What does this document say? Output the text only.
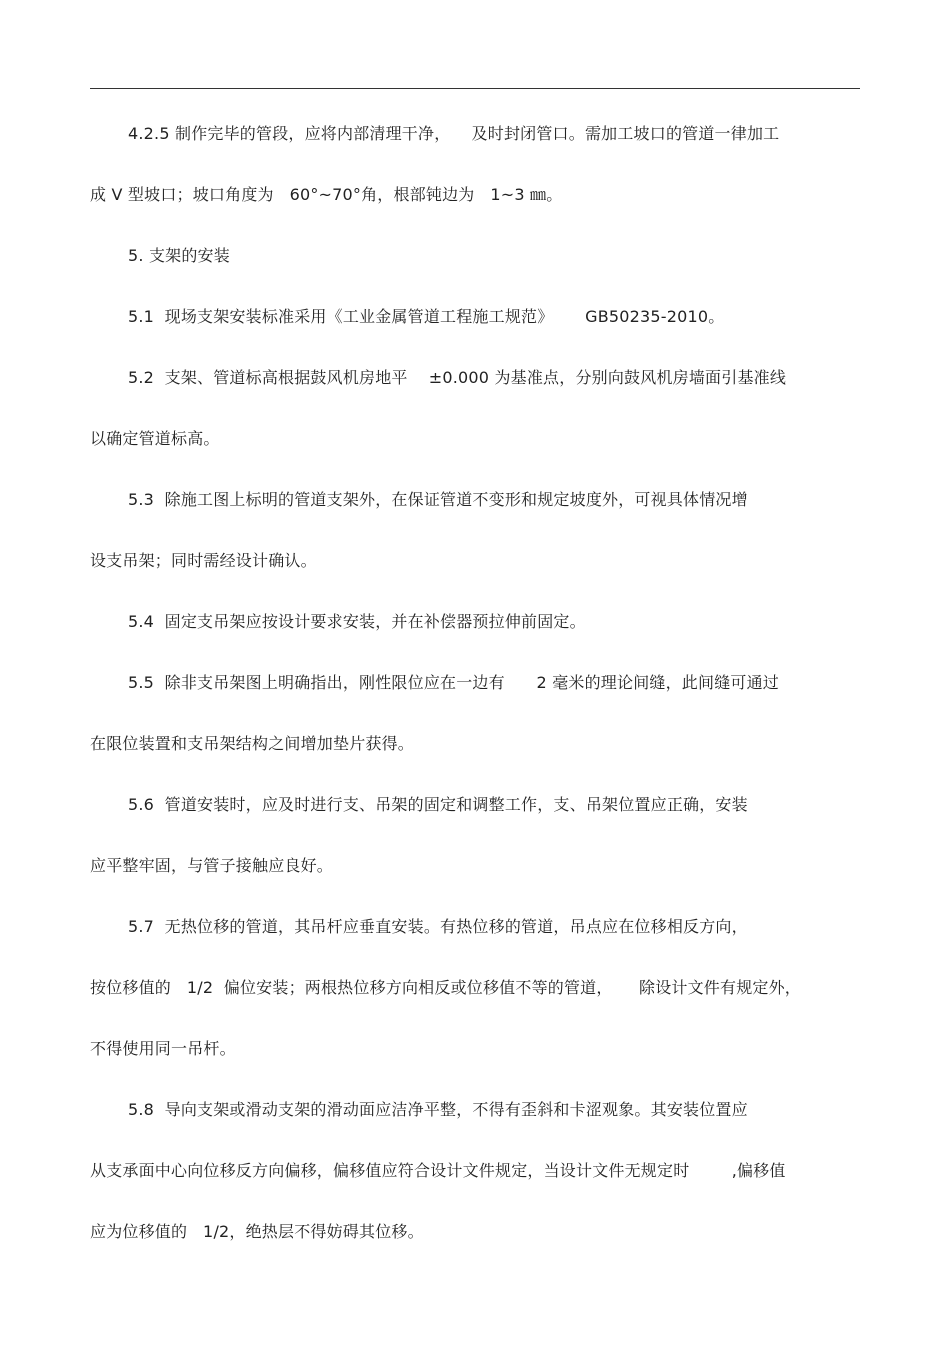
4.2.5 制作完毕的管段，应将内部清理干净，    及时封闭管口。需加工坡口的管道一律加工
成 V 型坡口；坡口角度为   60°~70°角，根部钝边为   1~3 ㎜。
5. 支架的安装
5.1  现场支架安装标准采用《工业金属管道工程施工规范》      GB50235-2010。
5.2  支架、管道标高根据鼓风机房地平    ±0.000 为基准点，分别向鼓风机房墙面引基准线
以确定管道标高。
5.3  除施工图上标明的管道支架外，在保证管道不变形和规定坡度外，可视具体情况增
设支吊架；同时需经设计确认。
5.4  固定支吊架应按设计要求安装，并在补偿器预拉伸前固定。
5.5  除非支吊架图上明确指出，刚性限位应在一边有      2 毫米的理论间缝，此间缝可通过
在限位装置和支吊架结构之间增加垫片获得。
5.6  管道安装时，应及时进行支、吊架的固定和调整工作，支、吊架位置应正确，安装
应平整牢固，与管子接触应良好。
5.7  无热位移的管道，其吊杆应垂直安装。有热位移的管道，吊点应在位移相反方向，
按位移值的   1/2  偏位安装；两根热位移方向相反或位移值不等的管道，     除设计文件有规定外，
不得使用同一吊杆。
5.8  导向支架或滑动支架的滑动面应洁净平整，不得有歪斜和卡涩观象。其安装位置应
从支承面中心向位移反方向偏移，偏移值应符合设计文件规定，当设计文件无规定时        ,偏移值
应为位移值的   1/2，绝热层不得妨碍其位移。
